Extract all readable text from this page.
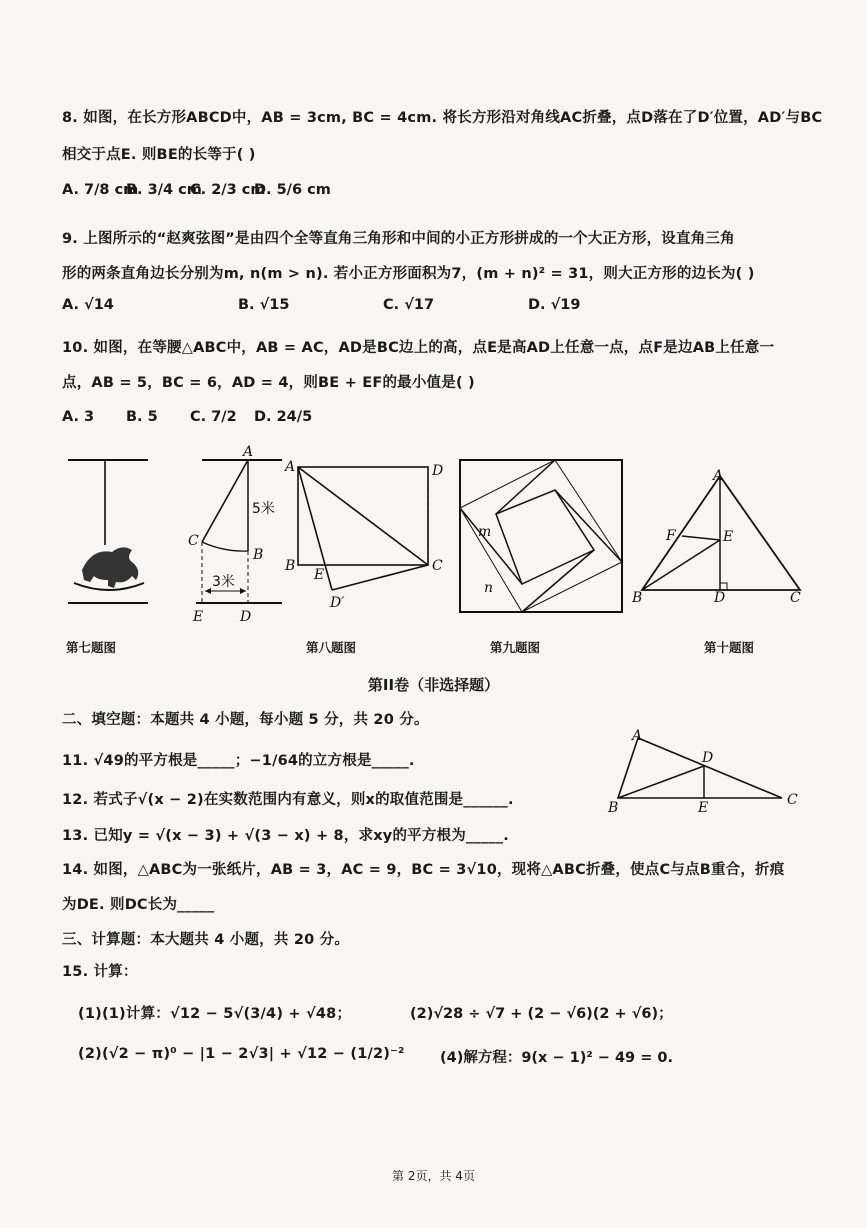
8. 如图，在长方形ABCD中，AB = 3cm, BC = 4cm. 将长方形沿对角线AC折叠，点D落在了D′位置，AD′与BC
相交于点E. 则BE的长等于( )
A. 7/8 cm
B. 3/4 cm
C. 2/3 cm
D. 5/6 cm
9. 上图所示的“赵爽弦图”是由四个全等直角三角形和中间的小正方形拼成的一个大正方形，设直角三角
形的两条直角边长分别为m, n(m > n). 若小正方形面积为7，(m + n)² = 31，则大正方形的边长为( )
A. √14	B. √15	C. √17	D. √19
10. 如图，在等腰△ABC中，AB = AC，AD是BC边上的高，点E是高AD上任意一点，点F是边AB上任意一
点，AB = 5，BC = 6，AD = 4，则BE + EF的最小值是( )
A. 3 B. 5 C. 7/2 D. 24/5
A
5米
C
B
3米
E	D
A	D
B
E
C
D′
m
n
A
F	E
B	D	C
第七题图	第八题图	第九题图	第十题图
第II卷（非选择题）
二、填空题：本题共 4 小题，每小题 5 分，共 20 分。
11. √49的平方根是_____；−1/64的立方根是_____.
12. 若式子√(x − 2)在实数范围内有意义，则x的取值范围是______.
13. 已知y = √(x − 3) + √(3 − x) + 8，求xy的平方根为_____.
14. 如图，△ABC为一张纸片，AB = 3，AC = 9，BC = 3√10，现将△ABC折叠，使点C与点B重合，折痕
为DE. 则DC长为_____
A
D
B	E	C
三、计算题：本大题共 4 小题，共 20 分。
15. 计算：
(1)(1)计算：√12 − 5√(3/4) + √48；	(2)√28 ÷ √7 + (2 − √6)(2 + √6)；
(2)(√2 − π)⁰ − |1 − 2√3| + √12 − (1/2)⁻² (4)解方程：9(x − 1)² − 49 = 0.
第 2页，共 4页
